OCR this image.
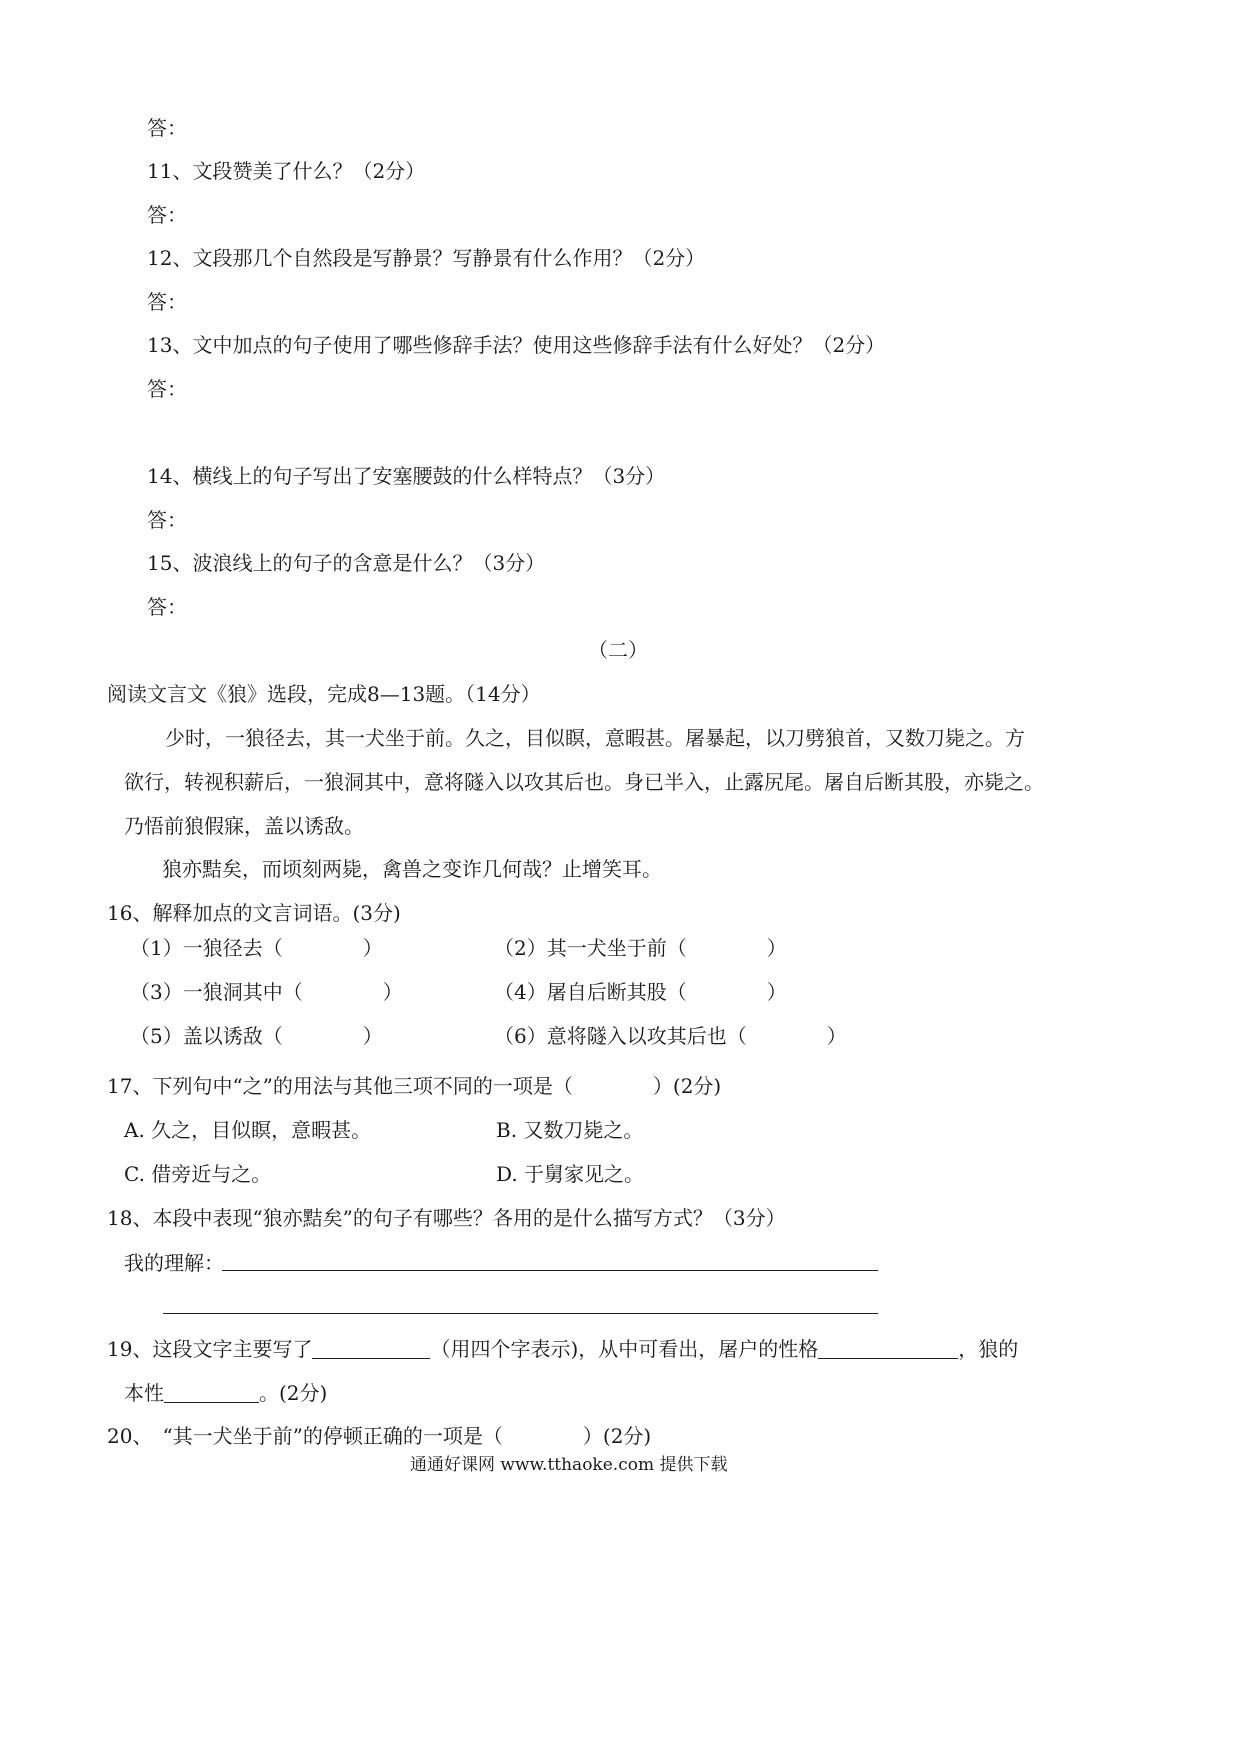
答：
11、文段赞美了什么？（2分）
答：
12、文段那几个自然段是写静景？写静景有什么作用？（2分）
答：
13、文中加点的句子使用了哪些修辞手法？使用这些修辞手法有什么好处？（2分）
答：
14、横线上的句子写出了安塞腰鼓的什么样特点？（3分）
答：
15、波浪线上的句子的含意是什么？（3分）
答：
（二）
阅读文言文《狼》选段，完成8—13题。（14分）
少时，一狼径去，其一犬坐于前。久之，目似瞑，意暇甚。屠暴起，以刀劈狼首，又数刀毙之。方
欲行，转视积薪后，一狼洞其中，意将隧入以攻其后也。身已半入，止露尻尾。屠自后断其股，亦毙之。
乃悟前狼假寐，盖以诱敌。
狼亦黠矣，而顷刻两毙，禽兽之变诈几何哉？止增笑耳。
16、解释加点的文言词语。(3分)
（1）一狼径去（　　　　）	（2）其一犬坐于前（　　　　）
（3）一狼洞其中（　　　　）	（4）屠自后断其股（　　　　）
（5）盖以诱敌（　　　　）	（6）意将隧入以攻其后也（　　　　）
17、下列句中“之”的用法与其他三项不同的一项是（　　　　）(2分)
A. 久之，目似瞑，意暇甚。	B. 又数刀毙之。
C. 借旁近与之。	D. 于舅家见之。
18、本段中表现“狼亦黠矣”的句子有哪些？各用的是什么描写方式？（3分）
我的理解：
19、这段文字主要写了	（用四个字表示)，从中可看出，屠户的性格	，狼的
本性	。(2分)
20、　“其一犬坐于前”的停顿正确的一项是（　　　　）(2分)
通通好课网 www.tthaoke.com 提供下载
